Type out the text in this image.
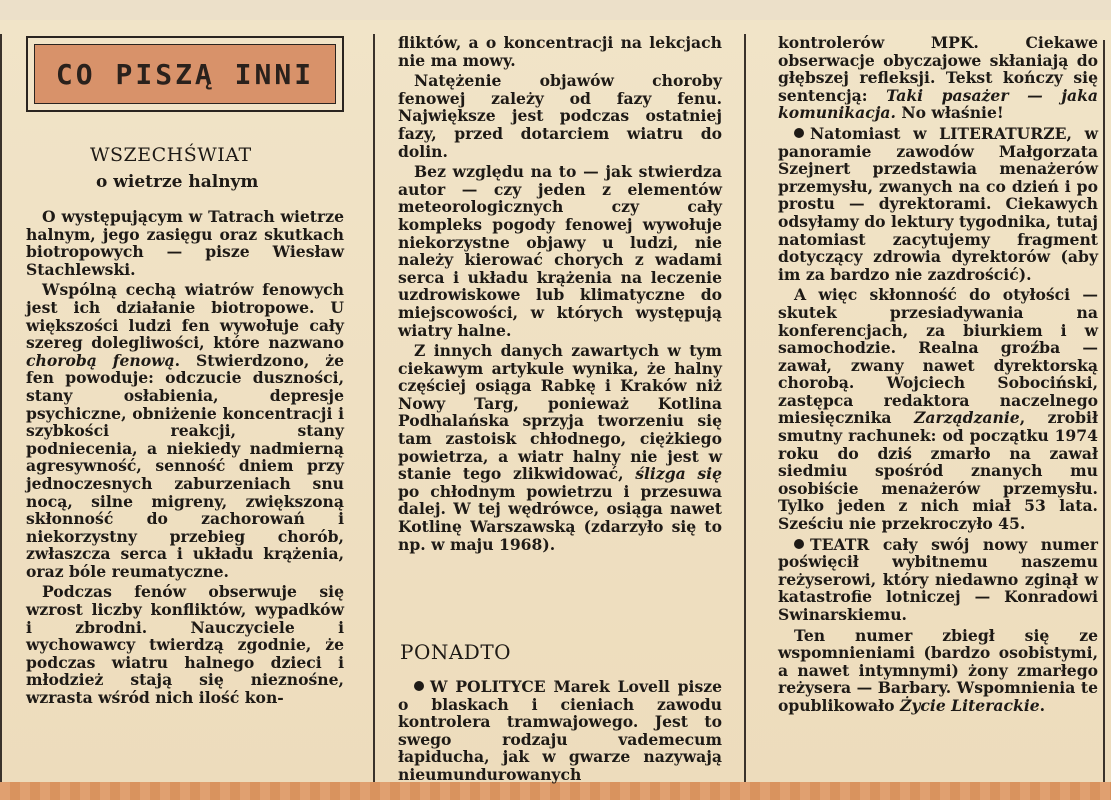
CO PISZĄ INNI
WSZECHŚWIAT
o wietrze halnym

O występującym w Tatrach wietrze halnym, jego zasięgu oraz skutkach biotropowych — pisze Wiesław Stachlewski.

Wspólną cechą wiatrów fenowych jest ich działanie biotropowe. U większości ludzi fen wywołuje cały szereg dolegliwości, które nazwano chorobą fenową. Stwierdzono, że fen powoduje: odczucie duszności, stany osłabienia, depresje psychiczne, obniżenie koncentracji i szybkości reakcji, stany podniecenia, a niekiedy nadmierną agresywność, senność dniem przy jednoczesnych zaburzeniach snu nocą, silne migreny, zwiększoną skłonność do zachorowań i niekorzystny przebieg chorób, zwłaszcza serca i układu krążenia, oraz bóle reumatyczne.

Podczas fenów obserwuje się wzrost liczby konfliktów, wypadków i zbrodni. Nauczyciele i wychowawcy twierdzą zgodnie, że podczas wiatru halnego dzieci i młodzież stają się nieznośne, wzrasta wśród nich ilość kon-

fliktów, a o koncentracji na lekcjach nie ma mowy.

Natężenie objawów choroby fenowej zależy od fazy fenu. Największe jest podczas ostatniej fazy, przed dotarciem wiatru do dolin.

Bez względu na to — jak stwierdza autor — czy jeden z elementów meteorologicznych czy cały kompleks pogody fenowej wywołuje niekorzystne objawy u ludzi, nie należy kierować chorych z wadami serca i układu krążenia na leczenie uzdrowiskowe lub klimatyczne do miejscowości, w których występują wiatry halne.

Z innych danych zawartych w tym ciekawym artykule wynika, że halny częściej osiąga Rabkę i Kraków niż Nowy Targ, ponieważ Kotlina Podhalańska sprzyja tworzeniu się tam zastoisk chłodnego, ciężkiego powietrza, a wiatr halny nie jest w stanie tego zlikwidować, ślizga się po chłodnym powietrzu i przesuwa dalej. W tej wędrówce, osiąga nawet Kotlinę Warszawską (zdarzyło się to np. w maju 1968).

PONADTO

W POLITYCE Marek Lovell pisze o blaskach i cieniach zawodu kontrolera tramwajowego. Jest to swego rodzaju vademecum łapiducha, jak w gwarze nazywają nieumundurowanych

kontrolerów MPK. Ciekawe obserwacje obyczajowe skłaniają do głębszej refleksji. Tekst kończy się sentencją: Taki pasażer — jaka komunikacja. No właśnie!

Natomiast w LITERATURZE, w panoramie zawodów Małgorzata Szejnert przedstawia menażerów przemysłu, zwanych na co dzień i po prostu — dyrektorami. Ciekawych odsyłamy do lektury tygodnika, tutaj natomiast zacytujemy fragment dotyczący zdrowia dyrektorów (aby im za bardzo nie zazdrościć).

A więc skłonność do otyłości — skutek przesiadywania na konferencjach, za biurkiem i w samochodzie. Realna groźba — zawał, zwany nawet dyrektorską chorobą. Wojciech Sobociński, zastępca redaktora naczelnego miesięcznika Zarządzanie, zrobił smutny rachunek: od początku 1974 roku do dziś zmarło na zawał siedmiu spośród znanych mu osobiście menażerów przemysłu. Tylko jeden z nich miał 53 lata. Sześciu nie przekroczyło 45.

TEATR cały swój nowy numer poświęcił wybitnemu naszemu reżyserowi, który niedawno zginął w katastrofie lotniczej — Konradowi Swinarskiemu.

Ten numer zbiegł się ze wspomnieniami (bardzo osobistymi, a nawet intymnymi) żony zmarłego reżysera — Barbary. Wspomnienia te opublikowało Życie Literackie.
